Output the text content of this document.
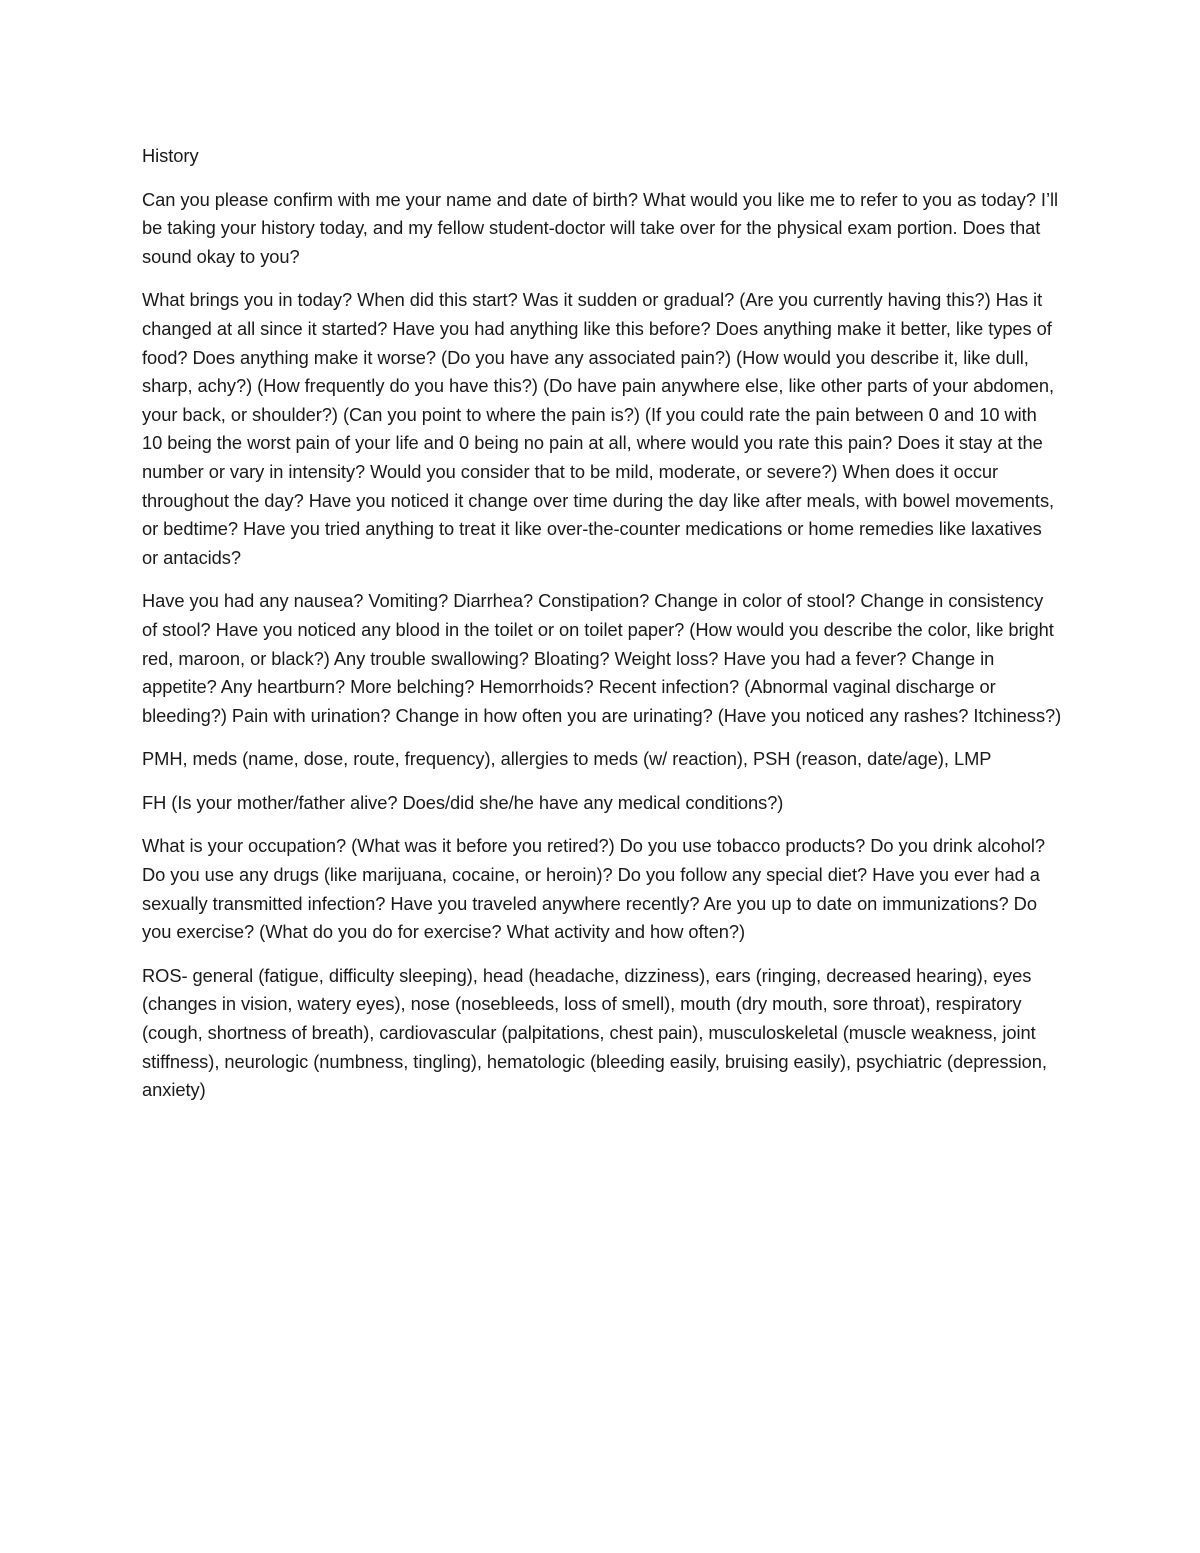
History

Can you please confirm with me your name and date of birth? What would you like me to refer to you as today? I’ll be taking your history today, and my fellow student-doctor will take over for the physical exam portion. Does that sound okay to you?

What brings you in today? When did this start? Was it sudden or gradual? (Are you currently having this?) Has it changed at all since it started? Have you had anything like this before? Does anything make it better, like types of food? Does anything make it worse? (Do you have any associated pain?) (How would you describe it, like dull, sharp, achy?) (How frequently do you have this?) (Do have pain anywhere else, like other parts of your abdomen, your back, or shoulder?) (Can you point to where the pain is?) (If you could rate the pain between 0 and 10 with 10 being the worst pain of your life and 0 being no pain at all, where would you rate this pain? Does it stay at the number or vary in intensity? Would you consider that to be mild, moderate, or severe?) When does it occur throughout the day? Have you noticed it change over time during the day like after meals, with bowel movements, or bedtime? Have you tried anything to treat it like over-the-counter medications or home remedies like laxatives or antacids?

Have you had any nausea? Vomiting? Diarrhea? Constipation? Change in color of stool? Change in consistency of stool? Have you noticed any blood in the toilet or on toilet paper? (How would you describe the color, like bright red, maroon, or black?) Any trouble swallowing? Bloating? Weight loss? Have you had a fever? Change in appetite? Any heartburn? More belching? Hemorrhoids? Recent infection? (Abnormal vaginal discharge or bleeding?) Pain with urination? Change in how often you are urinating? (Have you noticed any rashes? Itchiness?)

PMH, meds (name, dose, route, frequency), allergies to meds (w/ reaction), PSH (reason, date/age), LMP

FH (Is your mother/father alive? Does/did she/he have any medical conditions?)

What is your occupation? (What was it before you retired?) Do you use tobacco products? Do you drink alcohol? Do you use any drugs (like marijuana, cocaine, or heroin)? Do you follow any special diet? Have you ever had a sexually transmitted infection? Have you traveled anywhere recently? Are you up to date on immunizations? Do you exercise? (What do you do for exercise? What activity and how often?)

ROS- general (fatigue, difficulty sleeping), head (headache, dizziness), ears (ringing, decreased hearing), eyes (changes in vision, watery eyes), nose (nosebleeds, loss of smell), mouth (dry mouth, sore throat), respiratory (cough, shortness of breath), cardiovascular (palpitations, chest pain), musculoskeletal (muscle weakness, joint stiffness), neurologic (numbness, tingling), hematologic (bleeding easily, bruising easily), psychiatric (depression, anxiety)
